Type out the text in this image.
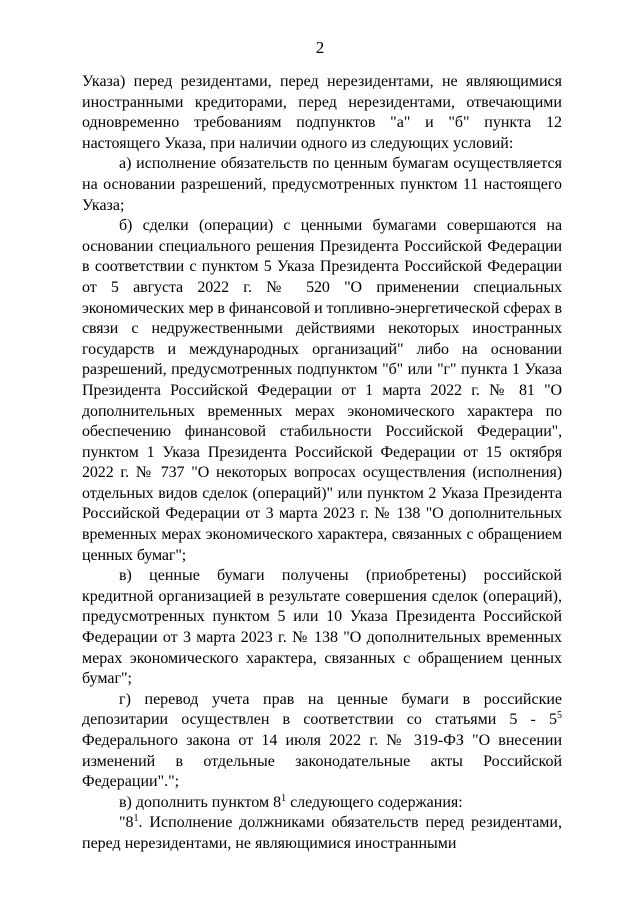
2

Указа) перед резидентами, перед нерезидентами, не являющимися иностранными кредиторами, перед нерезидентами, отвечающими одновременно требованиям подпунктов "а" и "б" пункта 12 настоящего Указа, при наличии одного из следующих условий:

а) исполнение обязательств по ценным бумагам осуществляется на основании разрешений, предусмотренных пунктом 11 настоящего Указа;

б) сделки (операции) с ценными бумагами совершаются на основании специального решения Президента Российской Федерации в соответствии с пунктом 5 Указа Президента Российской Федерации от 5 августа 2022 г. № 520 "О применении специальных экономических мер в финансовой и топливно-энергетической сферах в связи с недружественными действиями некоторых иностранных государств и международных организаций" либо на основании разрешений, предусмотренных подпунктом "б" или "г" пункта 1 Указа Президента Российской Федерации от 1 марта 2022 г. № 81 "О дополнительных временных мерах экономического характера по обеспечению финансовой стабильности Российской Федерации", пунктом 1 Указа Президента Российской Федерации от 15 октября 2022 г. № 737 "О некоторых вопросах осуществления (исполнения) отдельных видов сделок (операций)" или пунктом 2 Указа Президента Российской Федерации от 3 марта 2023 г. № 138 "О дополнительных временных мерах экономического характера, связанных с обращением ценных бумаг";

в) ценные бумаги получены (приобретены) российской кредитной организацией в результате совершения сделок (операций), предусмотренных пунктом 5 или 10 Указа Президента Российской Федерации от 3 марта 2023 г. № 138 "О дополнительных временных мерах экономического характера, связанных с обращением ценных бумаг";

г) перевод учета прав на ценные бумаги в российские депозитарии осуществлен в соответствии со статьями $5 - 5^5$ Федерального закона от 14 июля 2022 г. № 319-ФЗ "О внесении изменений в отдельные законодательные акты Российской Федерации".";

в) дополнить пунктом $8^1$ следующего содержания:

"$8^1$. Исполнение должниками обязательств перед резидентами, перед нерезидентами, не являющимися иностранными
